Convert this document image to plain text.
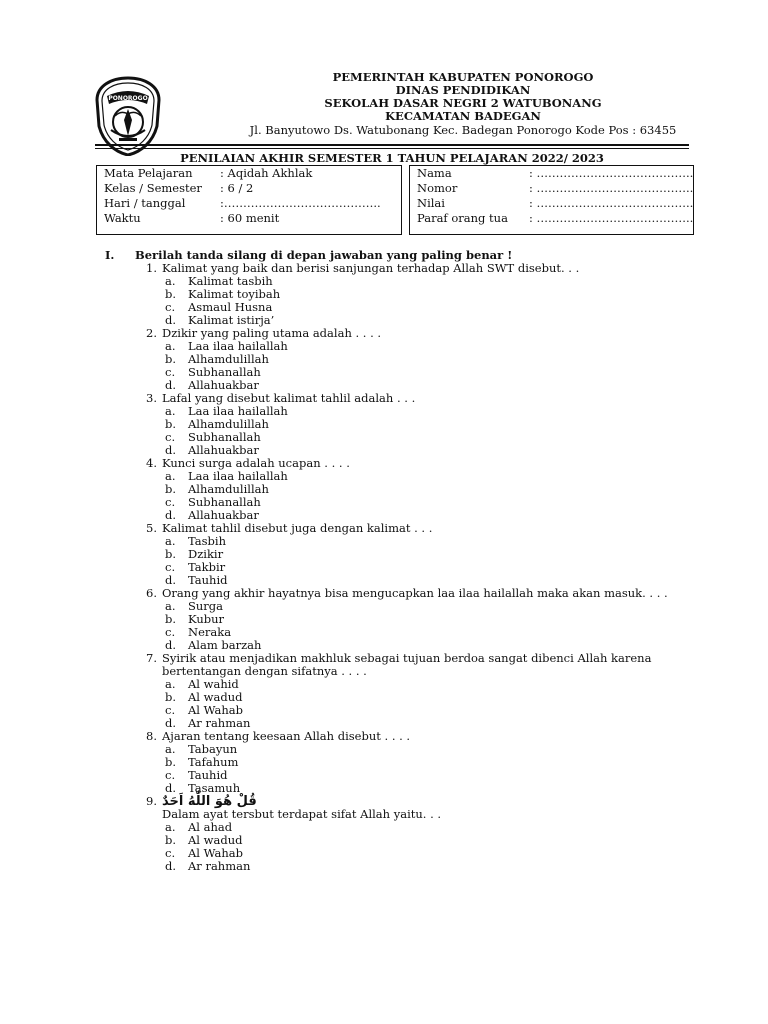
PONOROGO
PEMERINTAH KABUPATEN PONOROGO
DINAS PENDIDIKAN
SEKOLAH DASAR NEGRI 2 WATUBONANG
KECAMATAN BADEGAN
Jl. Banyutowo Ds. Watubonang Kec. Badegan Ponorogo Kode Pos : 63455
PENILAIAN AKHIR SEMESTER 1 TAHUN PELAJARAN 2022/ 2023
Mata Pelajaran : Aqidah Akhlak
Kelas / Semester : 6 / 2
Hari / tanggal	:…………………………………..
Waktu	: 60 menit
Nama	: …………………………………..
Nomor	: …………………………………..
Nilai	: …………………………………..
Paraf orang tua : …………………………………..
I. Berilah tanda silang di depan jawaban yang paling benar !
1. Kalimat yang baik dan berisi sanjungan terhadap Allah SWT disebut. . .
a. Kalimat tasbih
b. Kalimat toyibah
c. Asmaul Husna
d. Kalimat istirja’
2. Dzikir yang paling utama adalah . . . .
a. Laa ilaa hailallah
b. Alhamdulillah
c. Subhanallah
d. Allahuakbar
3. Lafal yang disebut kalimat tahlil adalah . . .
a. Laa ilaa hailallah
b. Alhamdulillah
c. Subhanallah
d. Allahuakbar
4. Kunci surga adalah ucapan . . . .
a. Laa ilaa hailallah
b. Alhamdulillah
c. Subhanallah
d. Allahuakbar
5. Kalimat tahlil disebut juga dengan kalimat . . .
a. Tasbih
b. Dzikir
c. Takbir
d. Tauhid
6. Orang yang akhir hayatnya bisa mengucapkan laa ilaa hailallah maka akan masuk. . . .
a. Surga
b. Kubur
c. Neraka
d. Alam barzah
7. Syirik atau menjadikan makhluk sebagai tujuan berdoa sangat dibenci Allah karena
bertentangan dengan sifatnya . . . .
a. Al wahid
b. Al wadud
c. Al Wahab
d. Ar rahman
8. Ajaran tentang keesaan Allah disebut . . . .
a. Tabayun
b. Tafahum
c. Tauhid
d. Tasamuh
9. قُلْ هُوَ اللّٰهُ اَحَدٌ
Dalam ayat tersbut terdapat sifat Allah yaitu. . .
a. Al ahad
b. Al wadud
c. Al Wahab
d. Ar rahman
